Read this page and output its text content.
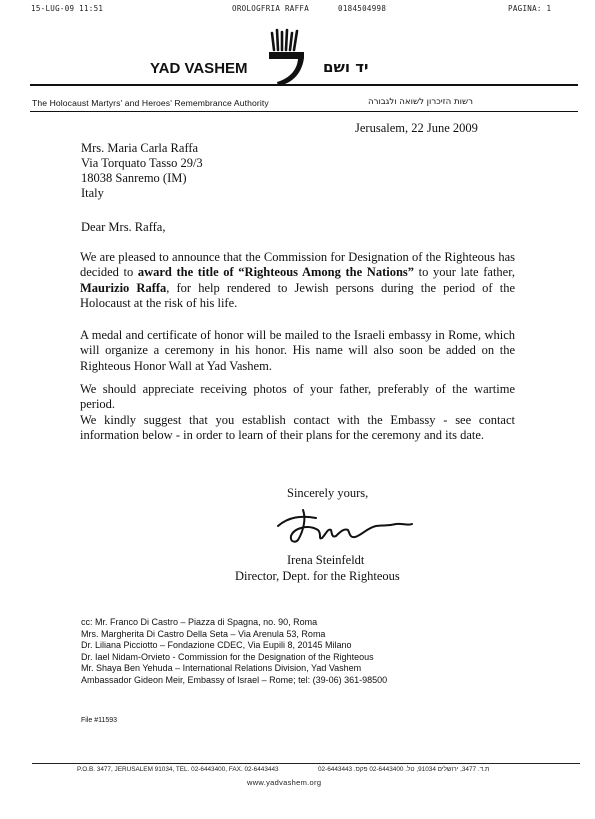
15-LUG-09 11:51	OROLOGFRIA RAFFA	0184504998	PAGINA: 1
YAD VASHEM	יד ושם
The Holocaust Martyrs' and Heroes' Remembrance Authority	רשות הזיכרון לשואה ולגבורה
Jerusalem, 22 June 2009
Mrs. Maria Carla Raffa
Via Torquato Tasso 29/3
18038 Sanremo (IM)
Italy
Dear Mrs. Raffa,
We are pleased to announce that the Commission for Designation of the Righteous has decided to award the title of “Righteous Among the Nations” to your late father, Maurizio Raffa, for help rendered to Jewish persons during the period of the Holocaust at the risk of his life.
A medal and certificate of honor will be mailed to the Israeli embassy in Rome, which will organize a ceremony in his honor. His name will also soon be added on the Righteous Honor Wall at Yad Vashem.
We should appreciate receiving photos of your father, preferably of the wartime period.
We kindly suggest that you establish contact with the Embassy - see contact information below - in order to learn of their plans for the ceremony and its date.
Sincerely yours,
Irena Steinfeldt
Director, Dept. for the Righteous
cc: Mr. Franco Di Castro – Piazza di Spagna, no. 90, Roma
Mrs. Margherita Di Castro Della Seta – Via Arenula 53, Roma
Dr. Liliana Picciotto – Fondazione CDEC, Via Eupili 8, 20145 Milano
Dr. Iael Nidam-Orvieto - Commission for the Designation of the Righteous
Mr. Shaya Ben Yehuda – International Relations Division, Yad Vashem
Ambassador Gideon Meir, Embassy of Israel – Rome; tel: (39-06) 361-98500
File #11593
P.O.B. 3477, JERUSALEM 91034, TEL. 02-6443400, FAX. 02-6443443	ת.ד. 3477, ירושלים 91034, טל. 02-6443400 פקס. 02-6443443
www.yadvashem.org
